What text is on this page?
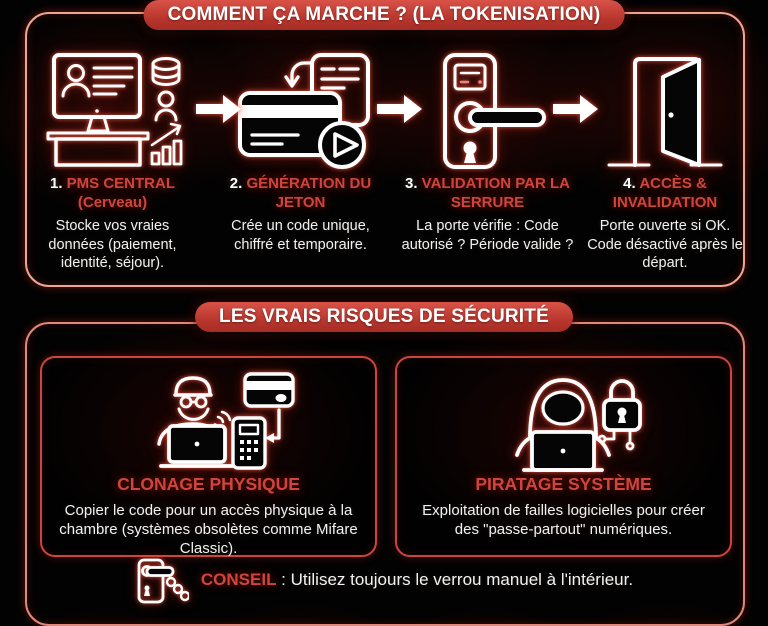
COMMENT ÇA MARCHE ? (LA TOKENISATION)
1. PMS CENTRAL (Cerveau)
Stocke vos vraies données (paiement, identité, séjour).
2. GÉNÉRATION DU JETON
Crée un code unique, chiffré et temporaire.
3. VALIDATION PAR LA SERRURE
La porte vérifie : Code autorisé ? Période valide ?
4. ACCÈS & INVALIDATION
Porte ouverte si OK. Code désactivé après le départ.
LES VRAIS RISQUES DE SÉCURITÉ
CLONAGE PHYSIQUE
Copier le code pour un accès physique à la chambre (systèmes obsolètes comme Mifare Classic).
PIRATAGE SYSTÈME
Exploitation de failles logicielles pour créer des "passe-partout" numériques.
CONSEIL : Utilisez toujours le verrou manuel à l'intérieur.
